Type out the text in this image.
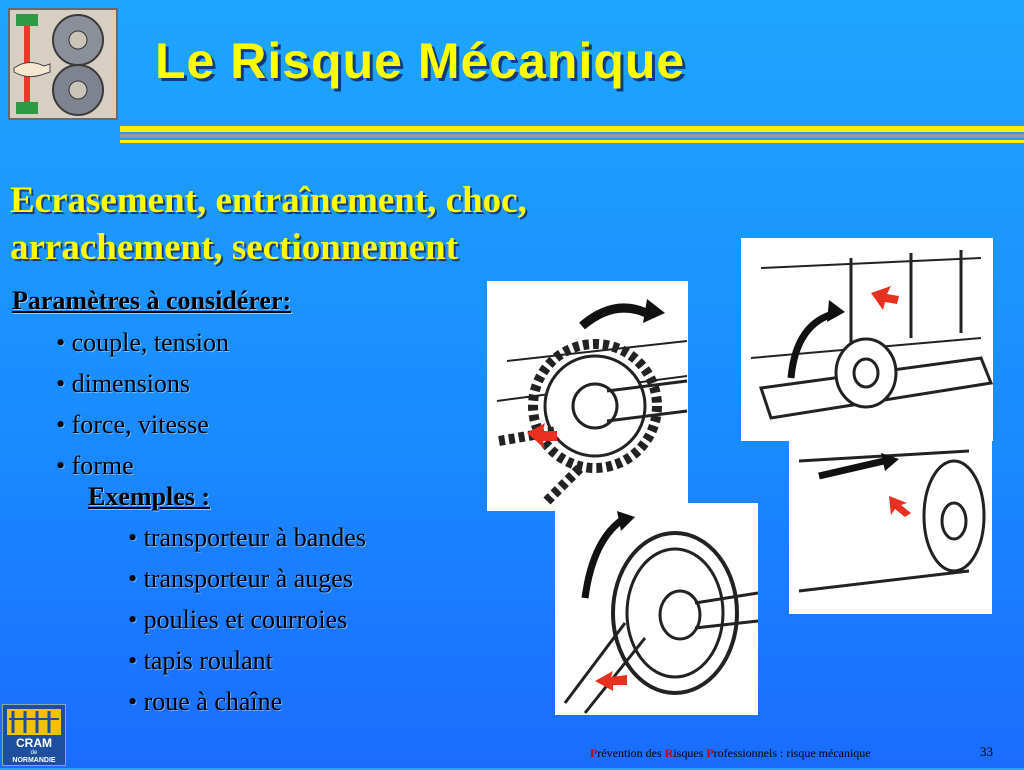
Le Risque Mécanique
Ecrasement, entraînement, choc,
arrachement, sectionnement
Paramètres à considérer:
• couple, tension
• dimensions
• force, vitesse
• forme
Exemples :
• transporteur à bandes
• transporteur à auges
• poulies et courroies
• tapis roulant
• roue à chaîne
CRAM
de
NORMANDIE
Prévention des Risques Professionnels : risque mécanique	33
